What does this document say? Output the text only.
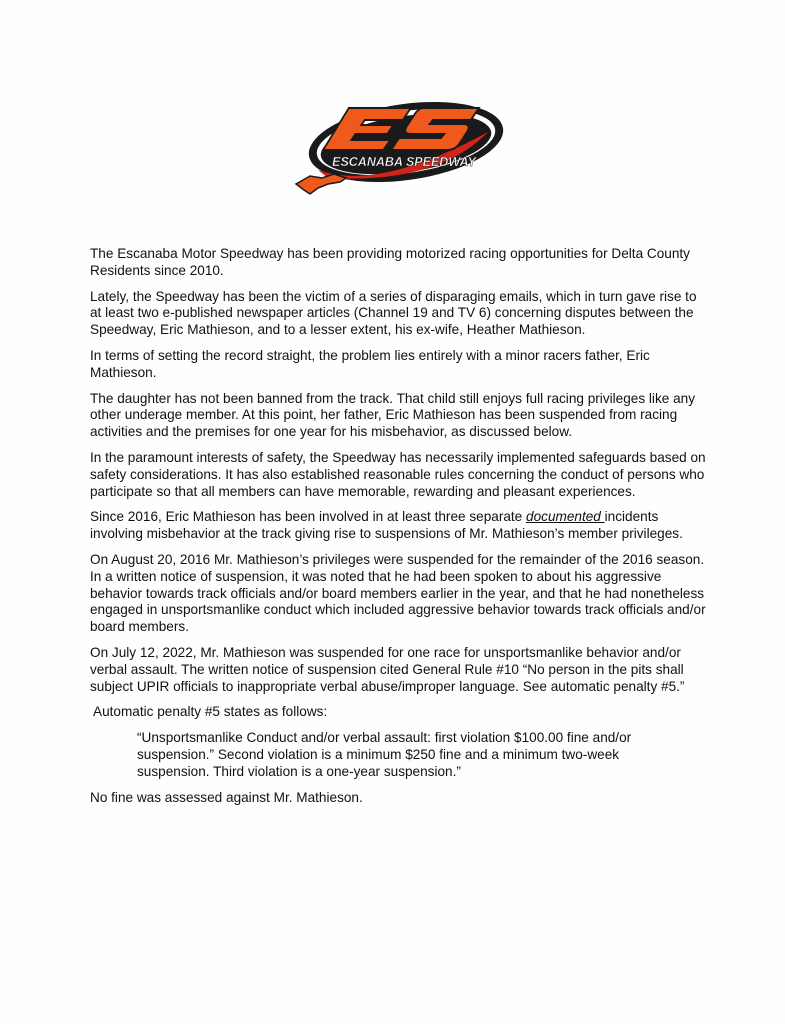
ESCANABA SPEEDWAY

The Escanaba Motor Speedway has been providing motorized racing opportunities for Delta County Residents since 2010.

Lately, the Speedway has been the victim of a series of disparaging emails, which in turn gave rise to at least two e-published newspaper articles (Channel 19 and TV 6) concerning disputes between the Speedway, Eric Mathieson, and to a lesser extent, his ex-wife, Heather Mathieson.

In terms of setting the record straight, the problem lies entirely with a minor racers father, Eric Mathieson.

The daughter has not been banned from the track. That child still enjoys full racing privileges like any other underage member. At this point, her father, Eric Mathieson has been suspended from racing activities and the premises for one year for his misbehavior, as discussed below.

In the paramount interests of safety, the Speedway has necessarily implemented safeguards based on safety considerations. It has also established reasonable rules concerning the conduct of persons who participate so that all members can have memorable, rewarding and pleasant experiences.

Since 2016, Eric Mathieson has been involved in at least three separate documented incidents involving misbehavior at the track giving rise to suspensions of Mr. Mathieson’s member privileges.

On August 20, 2016 Mr. Mathieson’s privileges were suspended for the remainder of the 2016 season. In a written notice of suspension, it was noted that he had been spoken to about his aggressive behavior towards track officials and/or board members earlier in the year, and that he had nonetheless engaged in unsportsmanlike conduct which included aggressive behavior towards track officials and/or board members.

On July 12, 2022, Mr. Mathieson was suspended for one race for unsportsmanlike behavior and/or verbal assault. The written notice of suspension cited General Rule #10 “No person in the pits shall subject UPIR officials to inappropriate verbal abuse/improper language. See automatic penalty #5.”

Automatic penalty #5 states as follows:

“Unsportsmanlike Conduct and/or verbal assault: first violation $100.00 fine and/or suspension.” Second violation is a minimum $250 fine and a minimum two-week suspension. Third violation is a one-year suspension.”

No fine was assessed against Mr. Mathieson.
